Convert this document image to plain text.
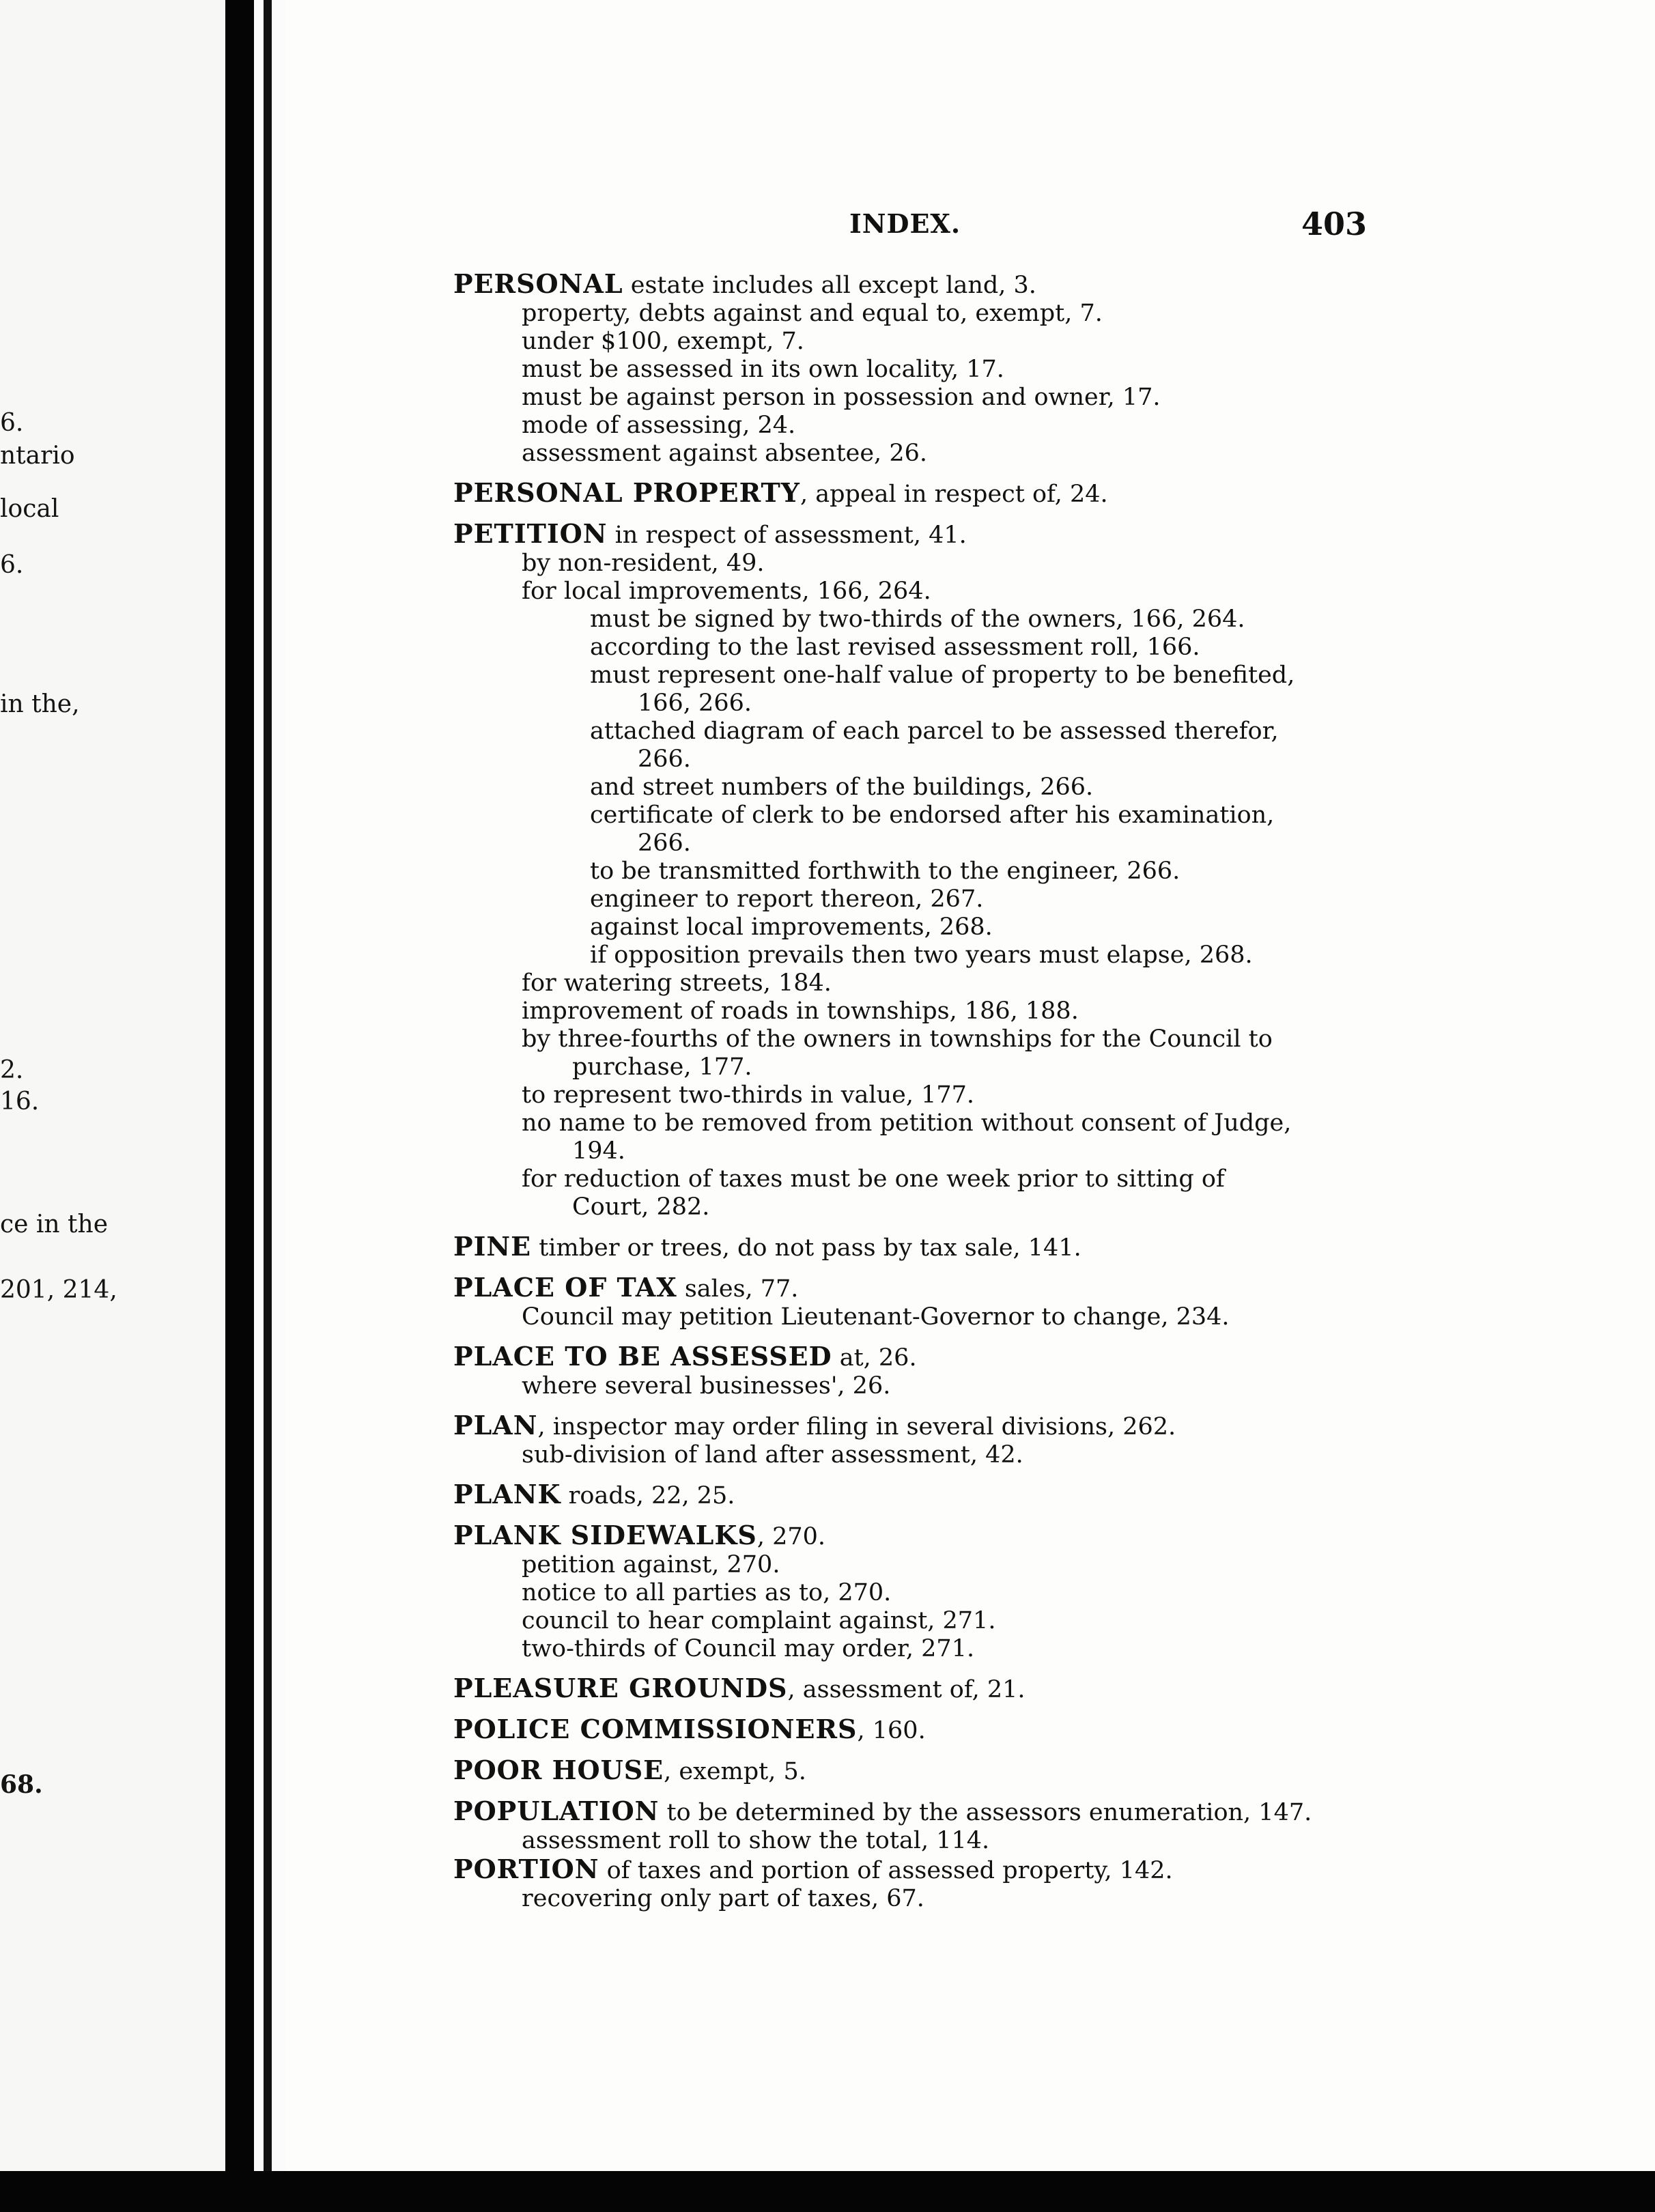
6.
ntario
local
6.
in the,
2.
16.
ce in the
201, 214,
68.
INDEX.	403
PERSONAL estate includes all except land, 3.
property, debts against and equal to, exempt, 7.
under $100, exempt, 7.
must be assessed in its own locality, 17.
must be against person in possession and owner, 17.
mode of assessing, 24.
assessment against absentee, 26.
PERSONAL PROPERTY, appeal in respect of, 24.
PETITION in respect of assessment, 41.
by non-resident, 49.
for local improvements, 166, 264.
must be signed by two-thirds of the owners, 166, 264.
according to the last revised assessment roll, 166.
must represent one-half value of property to be benefited,
166, 266.
attached diagram of each parcel to be assessed therefor,
266.
and street numbers of the buildings, 266.
certificate of clerk to be endorsed after his examination,
266.
to be transmitted forthwith to the engineer, 266.
engineer to report thereon, 267.
against local improvements, 268.
if opposition prevails then two years must elapse, 268.
for watering streets, 184.
improvement of roads in townships, 186, 188.
by three-fourths of the owners in townships for the Council to
purchase, 177.
to represent two-thirds in value, 177.
no name to be removed from petition without consent of Judge,
194.
for reduction of taxes must be one week prior to sitting of
Court, 282.
PINE timber or trees, do not pass by tax sale, 141.
PLACE OF TAX sales, 77.
Council may petition Lieutenant-Governor to change, 234.
PLACE TO BE ASSESSED at, 26.
where several businesses', 26.
PLAN, inspector may order filing in several divisions, 262.
sub-division of land after assessment, 42.
PLANK roads, 22, 25.
PLANK SIDEWALKS, 270.
petition against, 270.
notice to all parties as to, 270.
council to hear complaint against, 271.
two-thirds of Council may order, 271.
PLEASURE GROUNDS, assessment of, 21.
POLICE COMMISSIONERS, 160.
POOR HOUSE, exempt, 5.
POPULATION to be determined by the assessors enumeration, 147.
assessment roll to show the total, 114.
PORTION of taxes and portion of assessed property, 142.
recovering only part of taxes, 67.
